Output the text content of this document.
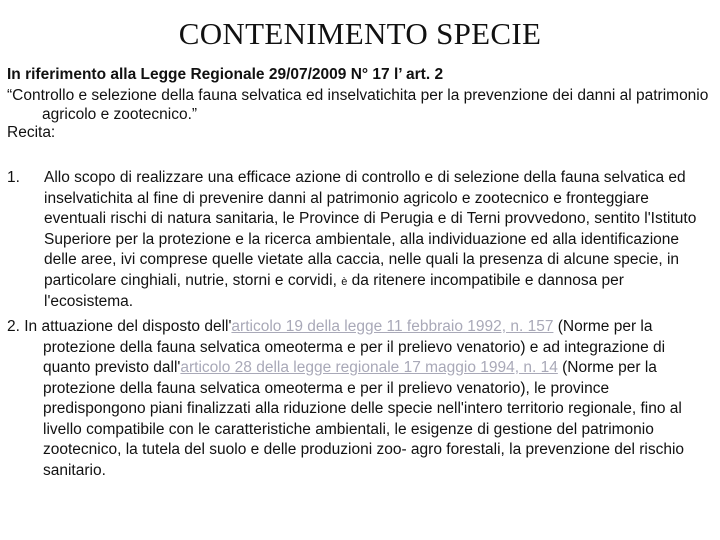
CONTENIMENTO SPECIE
In riferimento alla Legge Regionale 29/07/2009 N° 17 l’ art. 2
“Controllo e selezione della fauna selvatica ed inselvatichita per la prevenzione dei danni al patrimonio agricolo e zootecnico.”
Recita:
1. Allo scopo di realizzare una efficace azione di controllo e di selezione della fauna selvatica ed inselvatichita al fine di prevenire danni al patrimonio agricolo e zootecnico e fronteggiare eventuali rischi di natura sanitaria, le Province di Perugia e di Terni provvedono, sentito l'Istituto Superiore per la protezione e la ricerca ambientale, alla individuazione ed alla identificazione delle aree, ivi comprese quelle vietate alla caccia, nelle quali la presenza di alcune specie, in particolare cinghiali, nutrie, storni e corvidi, è da ritenere incompatibile e dannosa per l'ecosistema.
2. In attuazione del disposto dell'articolo 19 della legge 11 febbraio 1992, n. 157 (Norme per la protezione della fauna selvatica omeoterma e per il prelievo venatorio) e ad integrazione di quanto previsto dall'articolo 28 della legge regionale 17 maggio 1994, n. 14 (Norme per la protezione della fauna selvatica omeoterma e per il prelievo venatorio), le province predispongono piani finalizzati alla riduzione delle specie nell'intero territorio regionale, fino al livello compatibile con le caratteristiche ambientali, le esigenze di gestione del patrimonio zootecnico, la tutela del suolo e delle produzioni zoo- agro forestali, la prevenzione del rischio sanitario.
